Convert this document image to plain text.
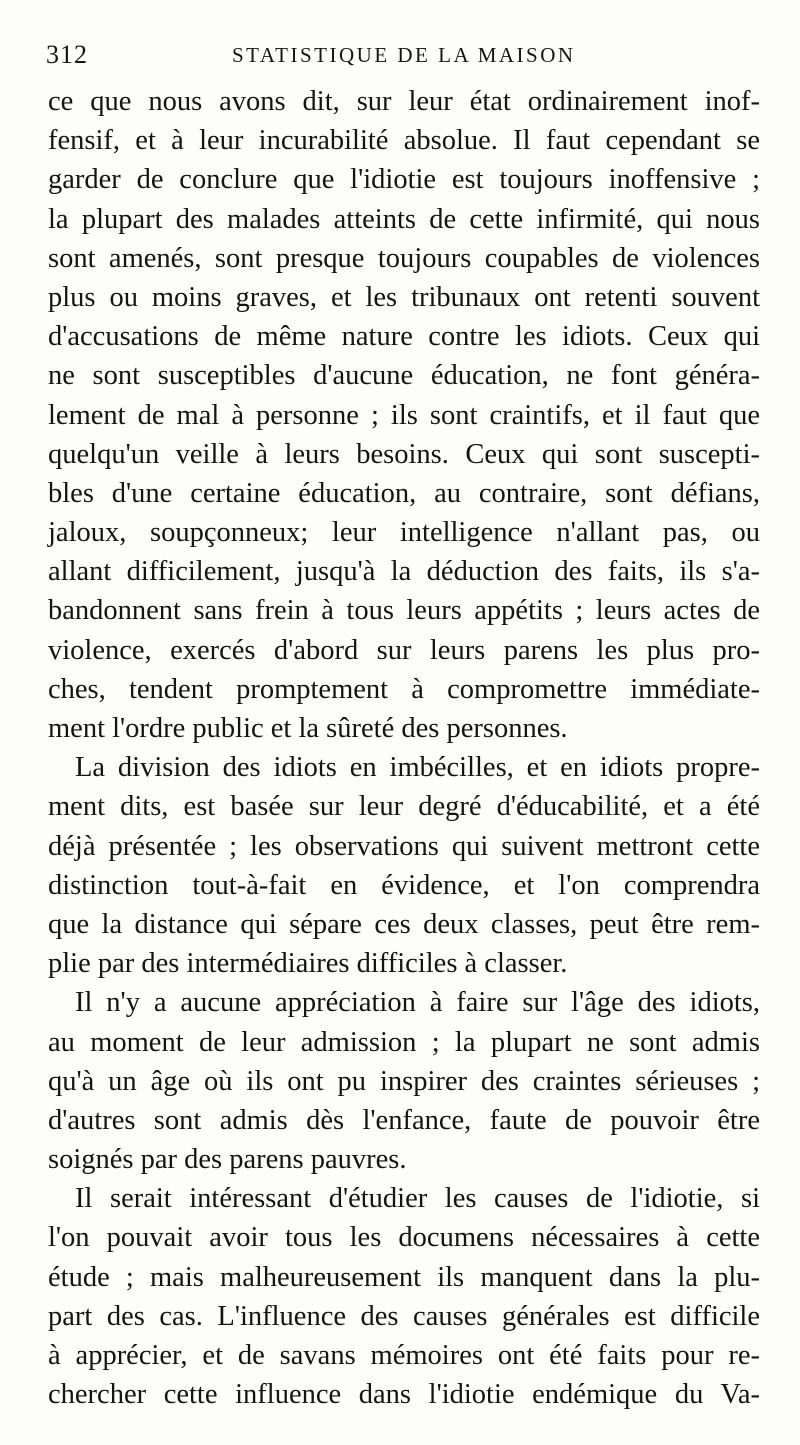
312	STATISTIQUE DE LA MAISON
ce que nous avons dit, sur leur état ordinairement inof-
fensif, et à leur incurabilité absolue. Il faut cependant se
garder de conclure que l'idiotie est toujours inoffensive ;
la plupart des malades atteints de cette infirmité, qui nous
sont amenés, sont presque toujours coupables de violences
plus ou moins graves, et les tribunaux ont retenti souvent
d'accusations de même nature contre les idiots. Ceux qui
ne sont susceptibles d'aucune éducation, ne font généra-
lement de mal à personne ; ils sont craintifs, et il faut que
quelqu'un veille à leurs besoins. Ceux qui sont suscepti-
bles d'une certaine éducation, au contraire, sont défians,
jaloux, soupçonneux; leur intelligence n'allant pas, ou
allant difficilement, jusqu'à la déduction des faits, ils s'a-
bandonnent sans frein à tous leurs appétits ; leurs actes de
violence, exercés d'abord sur leurs parens les plus pro-
ches, tendent promptement à compromettre immédiate-
ment l'ordre public et la sûreté des personnes.
La division des idiots en imbécilles, et en idiots propre-
ment dits, est basée sur leur degré d'éducabilité, et a été
déjà présentée ; les observations qui suivent mettront cette
distinction tout-à-fait en évidence, et l'on comprendra
que la distance qui sépare ces deux classes, peut être rem-
plie par des intermédiaires difficiles à classer.
Il n'y a aucune appréciation à faire sur l'âge des idiots,
au moment de leur admission ; la plupart ne sont admis
qu'à un âge où ils ont pu inspirer des craintes sérieuses ;
d'autres sont admis dès l'enfance, faute de pouvoir être
soignés par des parens pauvres.
Il serait intéressant d'étudier les causes de l'idiotie, si
l'on pouvait avoir tous les documens nécessaires à cette
étude ; mais malheureusement ils manquent dans la plu-
part des cas. L'influence des causes générales est difficile
à apprécier, et de savans mémoires ont été faits pour re-
chercher cette influence dans l'idiotie endémique du Va-
